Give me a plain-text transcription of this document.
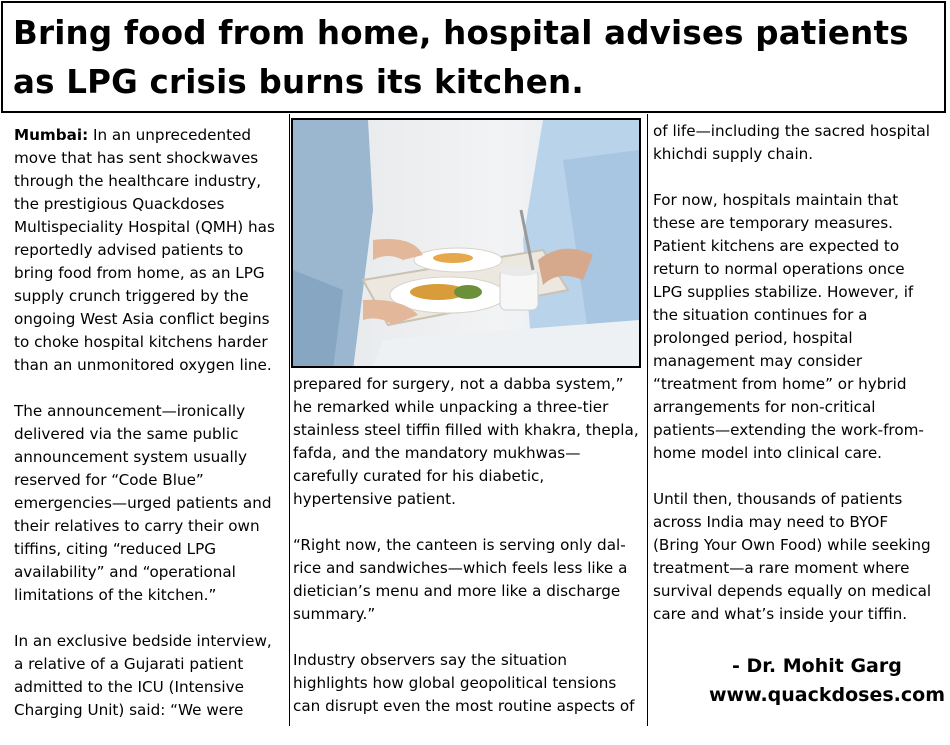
Bring food from home, hospital advises patients
as LPG crisis burns its kitchen.

Mumbai: In an unprecedented
move that has sent shockwaves
through the healthcare industry,
the prestigious Quackdoses
Multispeciality Hospital (QMH) has
reportedly advised patients to
bring food from home, as an LPG
supply crunch triggered by the
ongoing West Asia conflict begins
to choke hospital kitchens harder
than an unmonitored oxygen line.

The announcement—ironically
delivered via the same public
announcement system usually
reserved for “Code Blue”
emergencies—urged patients and
their relatives to carry their own
tiffins, citing “reduced LPG
availability” and “operational
limitations of the kitchen.”

In an exclusive bedside interview,
a relative of a Gujarati patient
admitted to the ICU (Intensive
Charging Unit) said: “We were

prepared for surgery, not a dabba system,”
he remarked while unpacking a three-tier
stainless steel tiffin filled with khakra, thepla,
fafda, and the mandatory mukhwas—
carefully curated for his diabetic,
hypertensive patient.

“Right now, the canteen is serving only dal-
rice and sandwiches—which feels less like a
dietician’s menu and more like a discharge
summary.”

Industry observers say the situation
highlights how global geopolitical tensions
can disrupt even the most routine aspects of

of life—including the sacred hospital
khichdi supply chain.

For now, hospitals maintain that
these are temporary measures.
Patient kitchens are expected to
return to normal operations once
LPG supplies stabilize. However, if
the situation continues for a
prolonged period, hospital
management may consider
“treatment from home” or hybrid
arrangements for non-critical
patients—extending the work-from-
home model into clinical care.

Until then, thousands of patients
across India may need to BYOF
(Bring Your Own Food) while seeking
treatment—a rare moment where
survival depends equally on medical
care and what’s inside your tiffin.

- Dr. Mohit Garg
www.quackdoses.com
